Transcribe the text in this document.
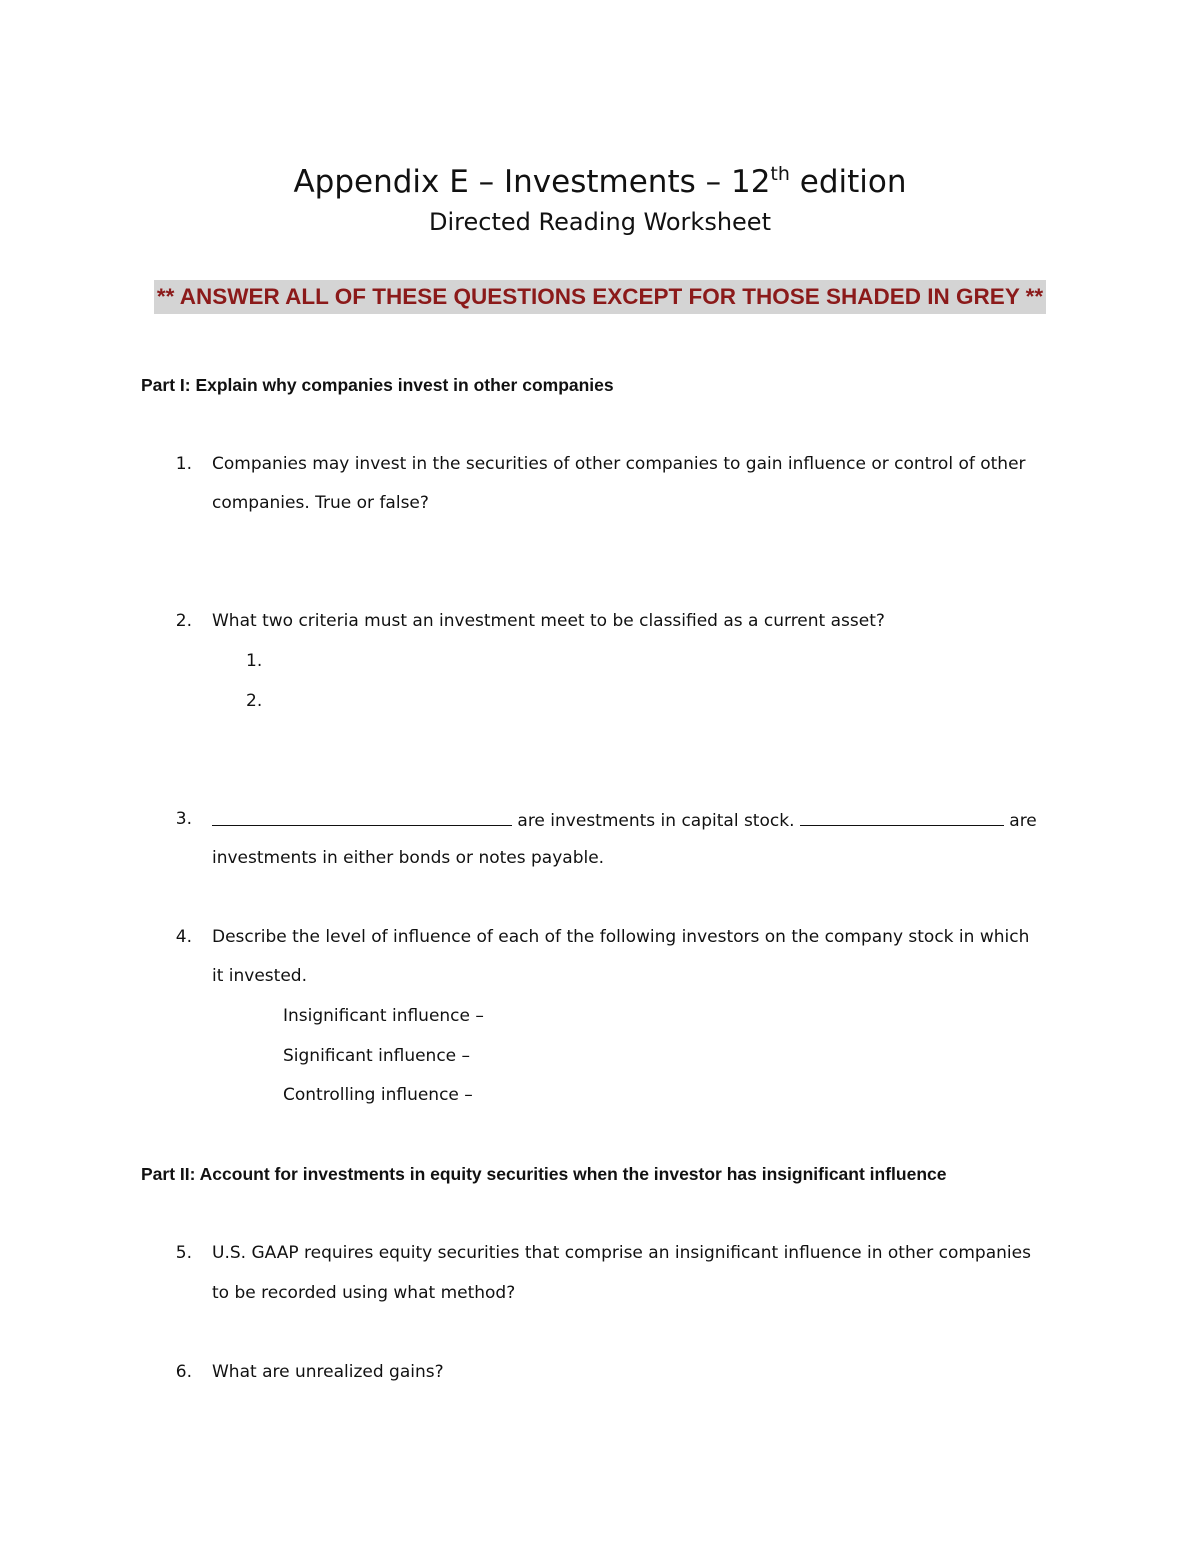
Appendix E – Investments – 12th edition
Directed Reading Worksheet
** ANSWER ALL OF THESE QUESTIONS EXCEPT FOR THOSE SHADED IN GREY **
Part I: Explain why companies invest in other companies
1. Companies may invest in the securities of other companies to gain influence or control of other
companies. True or false?
2. What two criteria must an investment meet to be classified as a current asset?
1.
2.
3.	are investments in capital stock.	are
investments in either bonds or notes payable.
4. Describe the level of influence of each of the following investors on the company stock in which
it invested.
Insignificant influence –
Significant influence –
Controlling influence –
Part II: Account for investments in equity securities when the investor has insignificant influence
5. U.S. GAAP requires equity securities that comprise an insignificant influence in other companies
to be recorded using what method?
6. What are unrealized gains?
